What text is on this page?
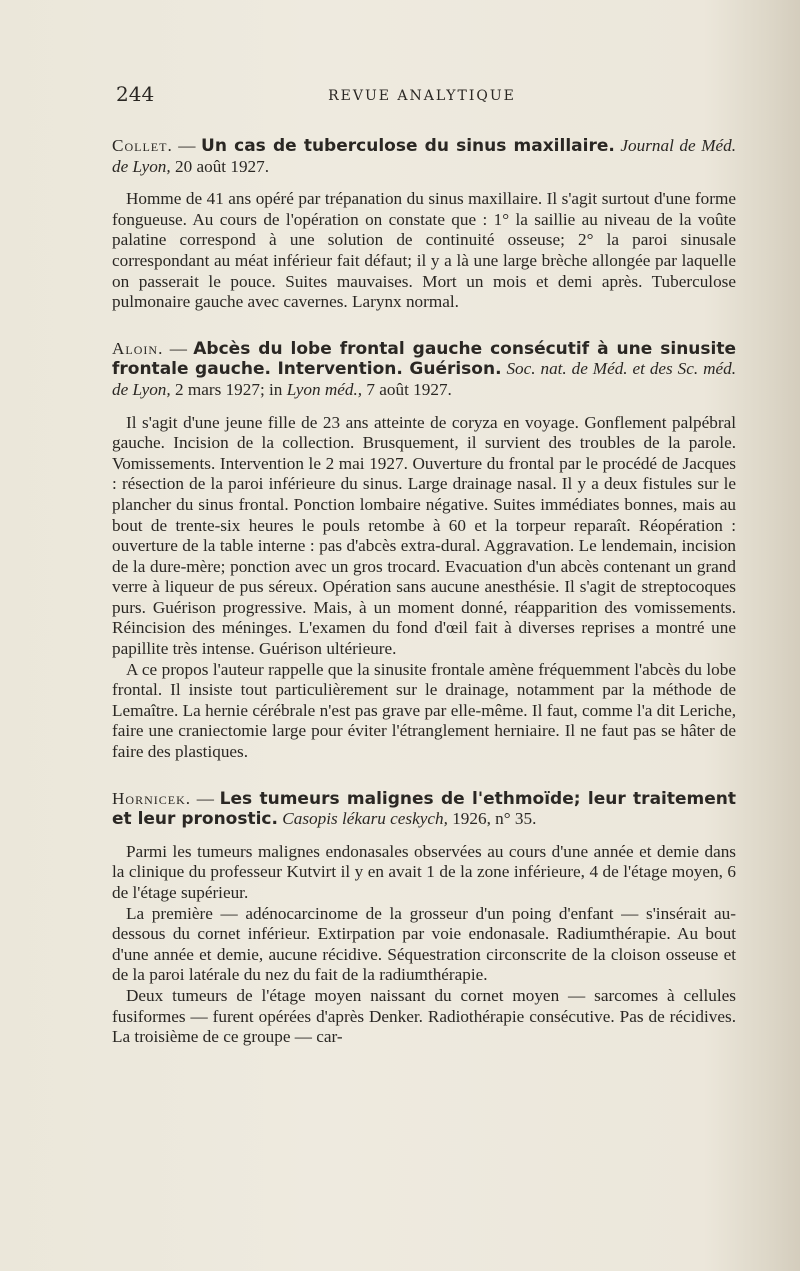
244	REVUE ANALYTIQUE

Collet. — Un cas de tuberculose du sinus maxillaire. Journal de Méd. de Lyon, 20 août 1927.

Homme de 41 ans opéré par trépanation du sinus maxillaire. Il s'agit surtout d'une forme fongueuse. Au cours de l'opération on constate que : 1° la saillie au niveau de la voûte palatine correspond à une solution de continuité osseuse; 2° la paroi sinusale correspondant au méat inférieur fait défaut; il y a là une large brèche allongée par laquelle on passerait le pouce. Suites mauvaises. Mort un mois et demi après. Tuberculose pulmonaire gauche avec cavernes. Larynx normal.

Aloin. — Abcès du lobe frontal gauche consécutif à une sinusite frontale gauche. Intervention. Guérison. Soc. nat. de Méd. et des Sc. méd. de Lyon, 2 mars 1927; in Lyon méd., 7 août 1927.

Il s'agit d'une jeune fille de 23 ans atteinte de coryza en voyage. Gonflement palpébral gauche. Incision de la collection. Brusquement, il survient des troubles de la parole. Vomissements. Intervention le 2 mai 1927. Ouverture du frontal par le procédé de Jacques : résection de la paroi inférieure du sinus. Large drainage nasal. Il y a deux fistules sur le plancher du sinus frontal. Ponction lombaire négative. Suites immédiates bonnes, mais au bout de trente-six heures le pouls retombe à 60 et la torpeur reparaît. Réopération : ouverture de la table interne : pas d'abcès extra-dural. Aggravation. Le lendemain, incision de la dure-mère; ponction avec un gros trocard. Evacuation d'un abcès contenant un grand verre à liqueur de pus séreux. Opération sans aucune anesthésie. Il s'agit de streptocoques purs. Guérison progressive. Mais, à un moment donné, réapparition des vomissements. Réincision des méninges. L'examen du fond d'œil fait à diverses reprises a montré une papillite très intense. Guérison ultérieure.

A ce propos l'auteur rappelle que la sinusite frontale amène fréquemment l'abcès du lobe frontal. Il insiste tout particulièrement sur le drainage, notamment par la méthode de Lemaître. La hernie cérébrale n'est pas grave par elle-même. Il faut, comme l'a dit Leriche, faire une craniectomie large pour éviter l'étranglement herniaire. Il ne faut pas se hâter de faire des plastiques.

Hornicek. — Les tumeurs malignes de l'ethmoïde; leur traitement et leur pronostic. Casopis lékaru ceskych, 1926, n° 35.

Parmi les tumeurs malignes endonasales observées au cours d'une année et demie dans la clinique du professeur Kutvirt il y en avait 1 de la zone inférieure, 4 de l'étage moyen, 6 de l'étage supérieur.

La première — adénocarcinome de la grosseur d'un poing d'enfant — s'insérait au-dessous du cornet inférieur. Extirpation par voie endonasale. Radiumthérapie. Au bout d'une année et demie, aucune récidive. Séquestration circonscrite de la cloison osseuse et de la paroi latérale du nez du fait de la radiumthérapie.

Deux tumeurs de l'étage moyen naissant du cornet moyen — sarcomes à cellules fusiformes — furent opérées d'après Denker. Radiothérapie consécutive. Pas de récidives. La troisième de ce groupe — car-
